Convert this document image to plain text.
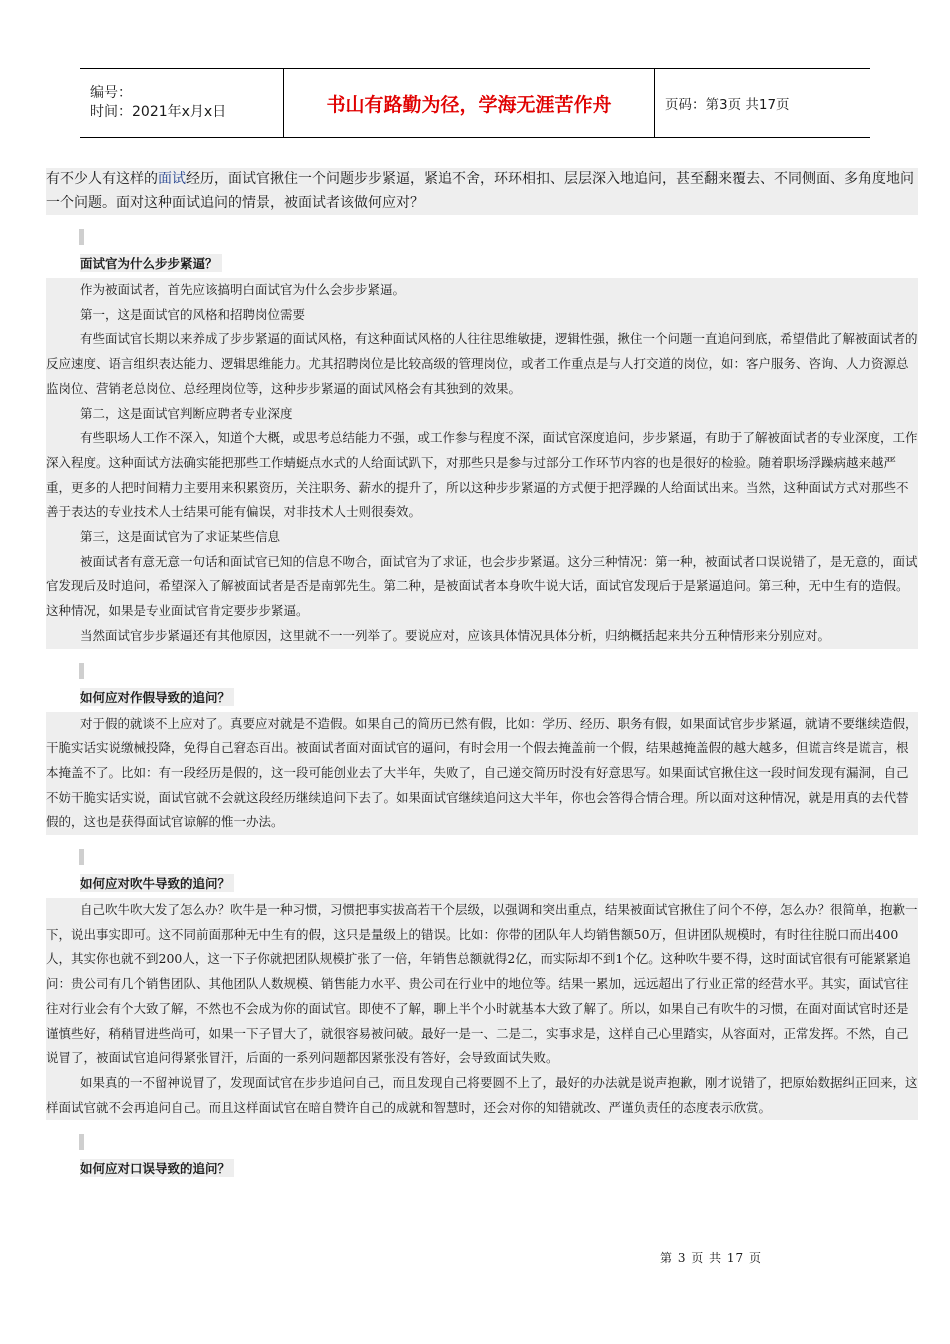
编号：
时间：2021年x月x日	书山有路勤为径，学海无涯苦作舟	页码：第3页 共17页

有不少人有这样的面试经历，面试官揪住一个问题步步紧逼，紧追不舍，环环相扣、层层深入地追问，甚至翻来覆去、不同侧面、多角度地问一个问题。面对这种面试追问的情景，被面试者该做何应对？

面试官为什么步步紧逼？

作为被面试者，首先应该搞明白面试官为什么会步步紧逼。

第一，这是面试官的风格和招聘岗位需要

有些面试官长期以来养成了步步紧逼的面试风格，有这种面试风格的人往往思维敏捷，逻辑性强，揪住一个问题一直追问到底，希望借此了解被面试者的反应速度、语言组织表达能力、逻辑思维能力。尤其招聘岗位是比较高级的管理岗位，或者工作重点是与人打交道的岗位，如：客户服务、咨询、人力资源总监岗位、营销老总岗位、总经理岗位等，这种步步紧逼的面试风格会有其独到的效果。

第二，这是面试官判断应聘者专业深度

有些职场人工作不深入，知道个大概，或思考总结能力不强，或工作参与程度不深，面试官深度追问，步步紧逼，有助于了解被面试者的专业深度，工作深入程度。这种面试方法确实能把那些工作蜻蜓点水式的人给面试趴下，对那些只是参与过部分工作环节内容的也是很好的检验。随着职场浮躁病越来越严重，更多的人把时间精力主要用来积累资历，关注职务、薪水的提升了，所以这种步步紧逼的方式便于把浮躁的人给面试出来。当然，这种面试方式对那些不善于表达的专业技术人士结果可能有偏误，对非技术人士则很奏效。

第三，这是面试官为了求证某些信息

被面试者有意无意一句话和面试官已知的信息不吻合，面试官为了求证，也会步步紧逼。这分三种情况：第一种，被面试者口误说错了，是无意的，面试官发现后及时追问，希望深入了解被面试者是否是南郭先生。第二种，是被面试者本身吹牛说大话，面试官发现后于是紧逼追问。第三种，无中生有的造假。这种情况，如果是专业面试官肯定要步步紧逼。

当然面试官步步紧逼还有其他原因，这里就不一一列举了。要说应对，应该具体情况具体分析，归纳概括起来共分五种情形来分别应对。

如何应对作假导致的追问？

对于假的就谈不上应对了。真要应对就是不造假。如果自己的简历已然有假，比如：学历、经历、职务有假，如果面试官步步紧逼，就请不要继续造假，干脆实话实说缴械投降，免得自己窘态百出。被面试者面对面试官的逼问，有时会用一个假去掩盖前一个假，结果越掩盖假的越大越多，但谎言终是谎言，根本掩盖不了。比如：有一段经历是假的，这一段可能创业去了大半年，失败了，自己递交简历时没有好意思写。如果面试官揪住这一段时间发现有漏洞，自己不妨干脆实话实说，面试官就不会就这段经历继续追问下去了。如果面试官继续追问这大半年，你也会答得合情合理。所以面对这种情况，就是用真的去代替假的，这也是获得面试官谅解的惟一办法。

如何应对吹牛导致的追问？

自己吹牛吹大发了怎么办？吹牛是一种习惯，习惯把事实拔高若干个层级，以强调和突出重点，结果被面试官揪住了问个不停，怎么办？很简单，抱歉一下，说出事实即可。这不同前面那种无中生有的假，这只是量级上的错误。比如：你带的团队年人均销售额50万，但讲团队规模时，有时往往脱口而出400人，其实你也就不到200人，这一下子你就把团队规模扩张了一倍，年销售总额就得2亿，而实际却不到1个亿。这种吹牛要不得，这时面试官很有可能紧紧追问：贵公司有几个销售团队、其他团队人数规模、销售能力水平、贵公司在行业中的地位等。结果一累加，远远超出了行业正常的经营水平。其实，面试官往往对行业会有个大致了解，不然也不会成为你的面试官。即使不了解，聊上半个小时就基本大致了解了。所以，如果自己有吹牛的习惯，在面对面试官时还是谨慎些好，稍稍冒进些尚可，如果一下子冒大了，就很容易被问破。最好一是一、二是二，实事求是，这样自己心里踏实，从容面对，正常发挥。不然，自己说冒了，被面试官追问得紧张冒汗，后面的一系列问题都因紧张没有答好，会导致面试失败。

如果真的一不留神说冒了，发现面试官在步步追问自己，而且发现自己将要圆不上了，最好的办法就是说声抱歉，刚才说错了，把原始数据纠正回来，这样面试官就不会再追问自己。而且这样面试官在暗自赞许自己的成就和智慧时，还会对你的知错就改、严谨负责任的态度表示欣赏。

如何应对口误导致的追问？
第 3 页 共 17 页
